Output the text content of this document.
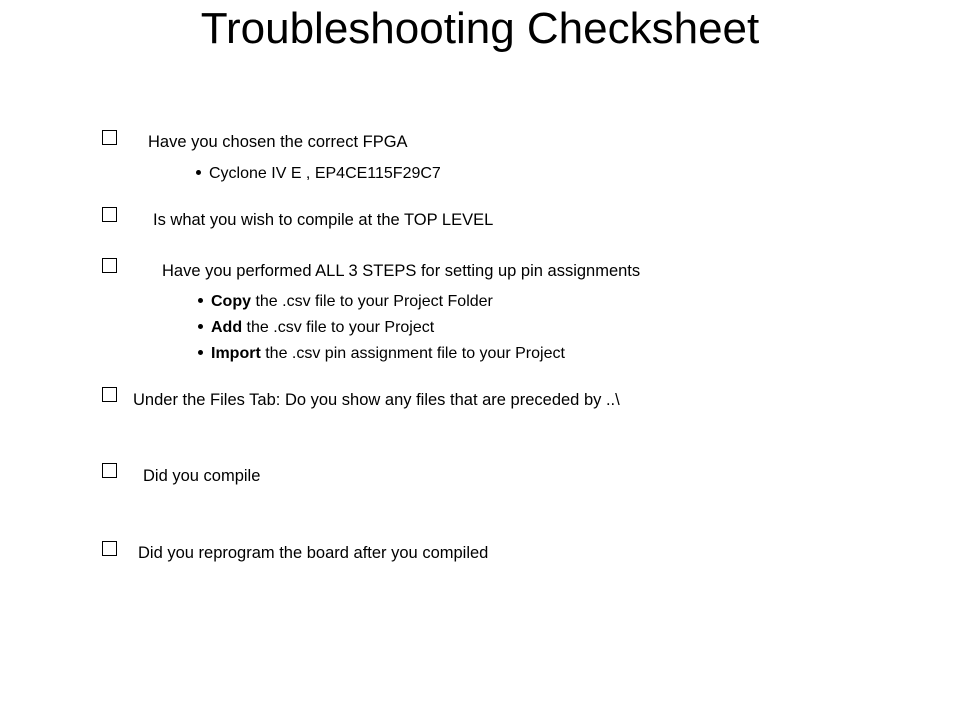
Troubleshooting Checksheet
Have you chosen the correct FPGA
Cyclone IV E , EP4CE115F29C7
Is what you wish to compile at the TOP LEVEL
Have you performed ALL 3 STEPS for setting up pin assignments
Copy the .csv file to your Project Folder
Add the .csv file to your Project
Import the .csv pin assignment file to your Project
Under the Files Tab: Do you show any files that are preceded by ..\
Did you compile
Did you reprogram the board after you compiled
